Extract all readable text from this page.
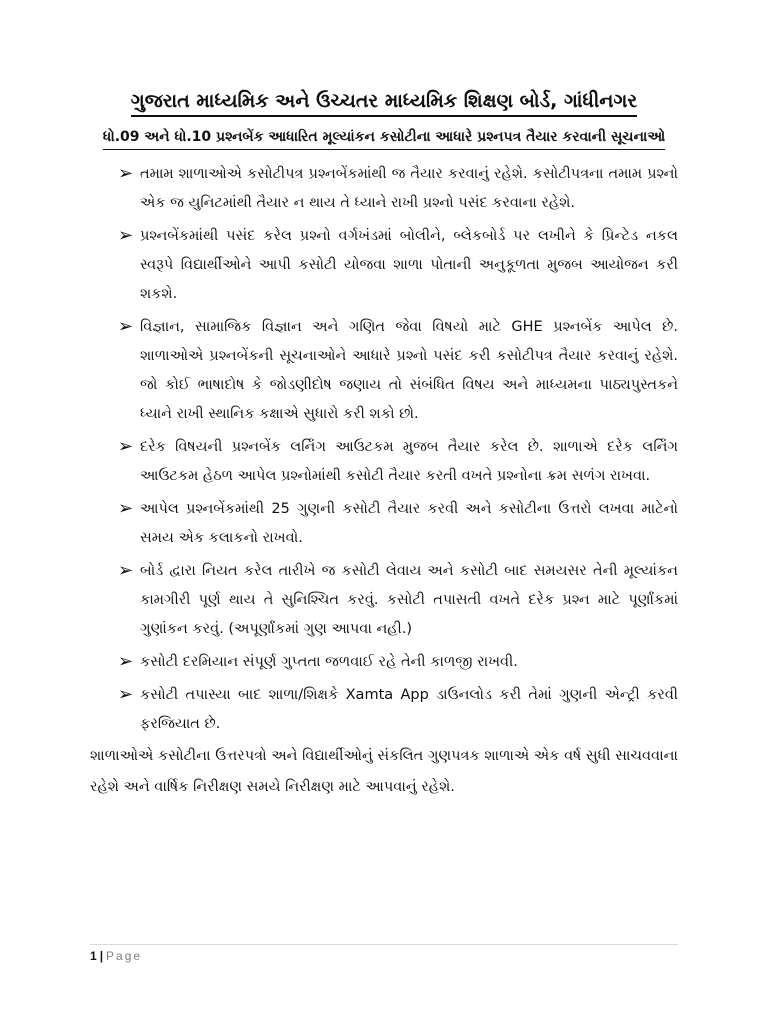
ગુજરાત માધ્યમિક અને ઉચ્ચતર માધ્યમિક શિક્ષણ બોર્ડ, ગાંધીનગર
ધો.09 અને ધો.10 પ્રશ્નબેંક આધારિત મૂલ્યાંકન કસોટીના આધારે પ્રશ્નપત્ર તૈયાર કરવાની સૂચનાઓ
➢ તમામ શાળાઓએ કસોટીપત્ર પ્રશ્નબેંકમાંથી જ તૈયાર કરવાનું રહેશે. કસોટીપત્રના તમામ પ્રશ્નો એક જ યુનિટમાંથી તૈયાર ન થાય તે ધ્યાને રાખી પ્રશ્નો પસંદ કરવાના રહેશે.
➢ પ્રશ્નબેંકમાંથી પસંદ કરેલ પ્રશ્નો વર્ગખંડમાં બોલીને, બ્લેકબોર્ડ પર લખીને કે પ્રિન્ટેડ નકલ સ્વરૂપે વિદ્યાર્થીઓને આપી કસોટી યોજવા શાળા પોતાની અનુકૂળતા મુજબ આયોજન કરી શકશે.
➢ વિજ્ઞાન, સામાજિક વિજ્ઞાન અને ગણિત જેવા વિષયો માટે GHE પ્રશ્નબેંક આપેલ છે. શાળાઓએ પ્રશ્નબેંકની સૂચનાઓને આધારે પ્રશ્નો પસંદ કરી કસોટીપત્ર તૈયાર કરવાનું રહેશે. જો કોઈ ભાષાદોષ કે જોડણીદોષ જણાય તો સંબંધિત વિષય અને માધ્યમના પાઠ્યપુસ્તકને ધ્યાને રાખી સ્થાનિક કક્ષાએ સુધારો કરી શકો છો.
➢ દરેક વિષયની પ્રશ્નબેંક લર્નિંગ આઉટકમ મુજબ તૈયાર કરેલ છે. શાળાએ દરેક લર્નિંગ આઉટકમ હેઠળ આપેલ પ્રશ્નોમાંથી કસોટી તૈયાર કરતી વખતે પ્રશ્નોના ક્રમ સળંગ રાખવા.
➢ આપેલ પ્રશ્નબેંકમાંથી 25 ગુણની કસોટી તૈયાર કરવી અને કસોટીના ઉત્તરો લખવા માટેનો સમય એક કલાકનો રાખવો.
➢ બોર્ડ દ્વારા નિયત કરેલ તારીખે જ કસોટી લેવાય અને કસોટી બાદ સમયસર તેની મૂલ્યાંકન કામગીરી પૂર્ણ થાય તે સુનિશ્ચિત કરવું. કસોટી તપાસતી વખતે દરેક પ્રશ્ન માટે પૂર્ણાંકમાં ગુણાંકન કરવું. (અપૂર્ણાંકમાં ગુણ આપવા નહી.)
➢ કસોટી દરમિયાન સંપૂર્ણ ગુપ્તતા જળવાઈ રહે તેની કાળજી રાખવી.
➢ કસોટી તપાસ્યા બાદ શાળા/શિક્ષકે Xamta App ડાઉનલોડ કરી તેમાં ગુણની એન્ટ્રી કરવી ફરજિયાત છે.

શાળાઓએ કસોટીના ઉત્તરપત્રો અને વિદ્યાર્થીઓનું સંકલિત ગુણપત્રક શાળાએ એક વર્ષ સુધી સાચવવાના રહેશે અને વાર્ષિક નિરીક્ષણ સમયે નિરીક્ષણ માટે આપવાનું રહેશે.

1 | Page
